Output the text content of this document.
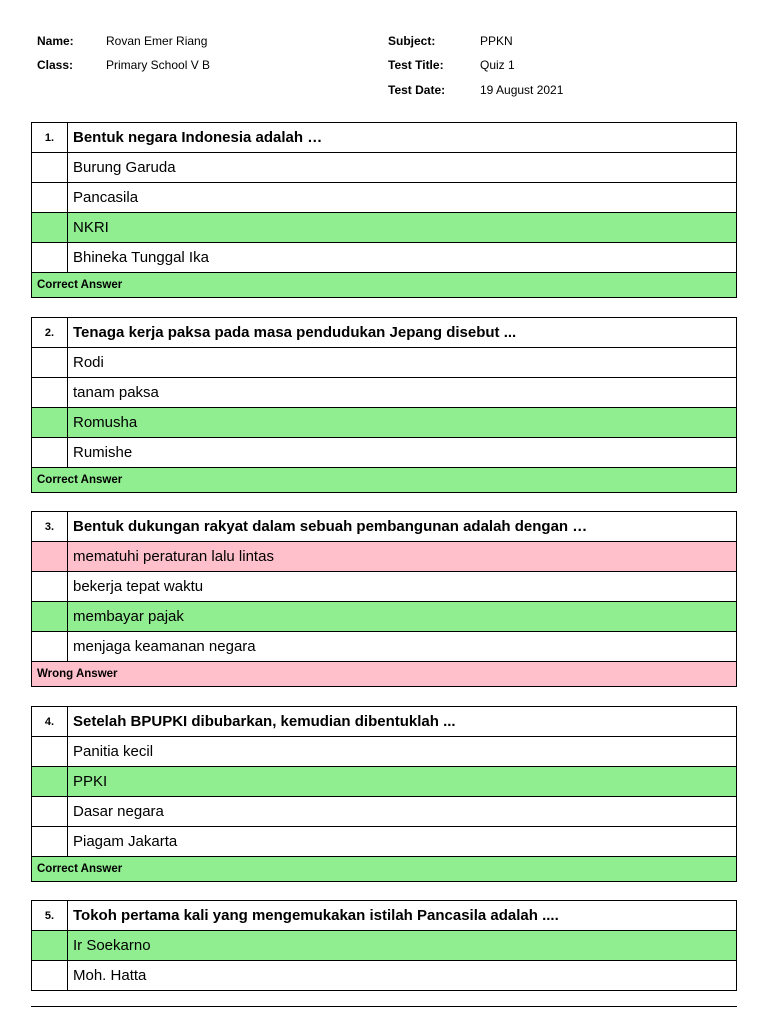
Name:	Rovan Emer Riang
Class:	Primary School V B
Subject:	PPKN
Test Title:	Quiz 1
Test Date:	19 August 2021
1.	Bentuk negara Indonesia adalah …
Burung Garuda
Pancasila
NKRI
Bhineka Tunggal Ika
Correct Answer
2.	Tenaga kerja paksa pada masa pendudukan Jepang disebut ...
Rodi
tanam paksa
Romusha
Rumishe
Correct Answer
3.	Bentuk dukungan rakyat dalam sebuah pembangunan adalah dengan …
mematuhi peraturan lalu lintas
bekerja tepat waktu
membayar pajak
menjaga keamanan negara
Wrong Answer
4.	Setelah BPUPKI dibubarkan, kemudian dibentuklah ...
Panitia kecil
PPKI
Dasar negara
Piagam Jakarta
Correct Answer
5.	Tokoh pertama kali yang mengemukakan istilah Pancasila adalah ....
Ir Soekarno
Moh. Hatta
